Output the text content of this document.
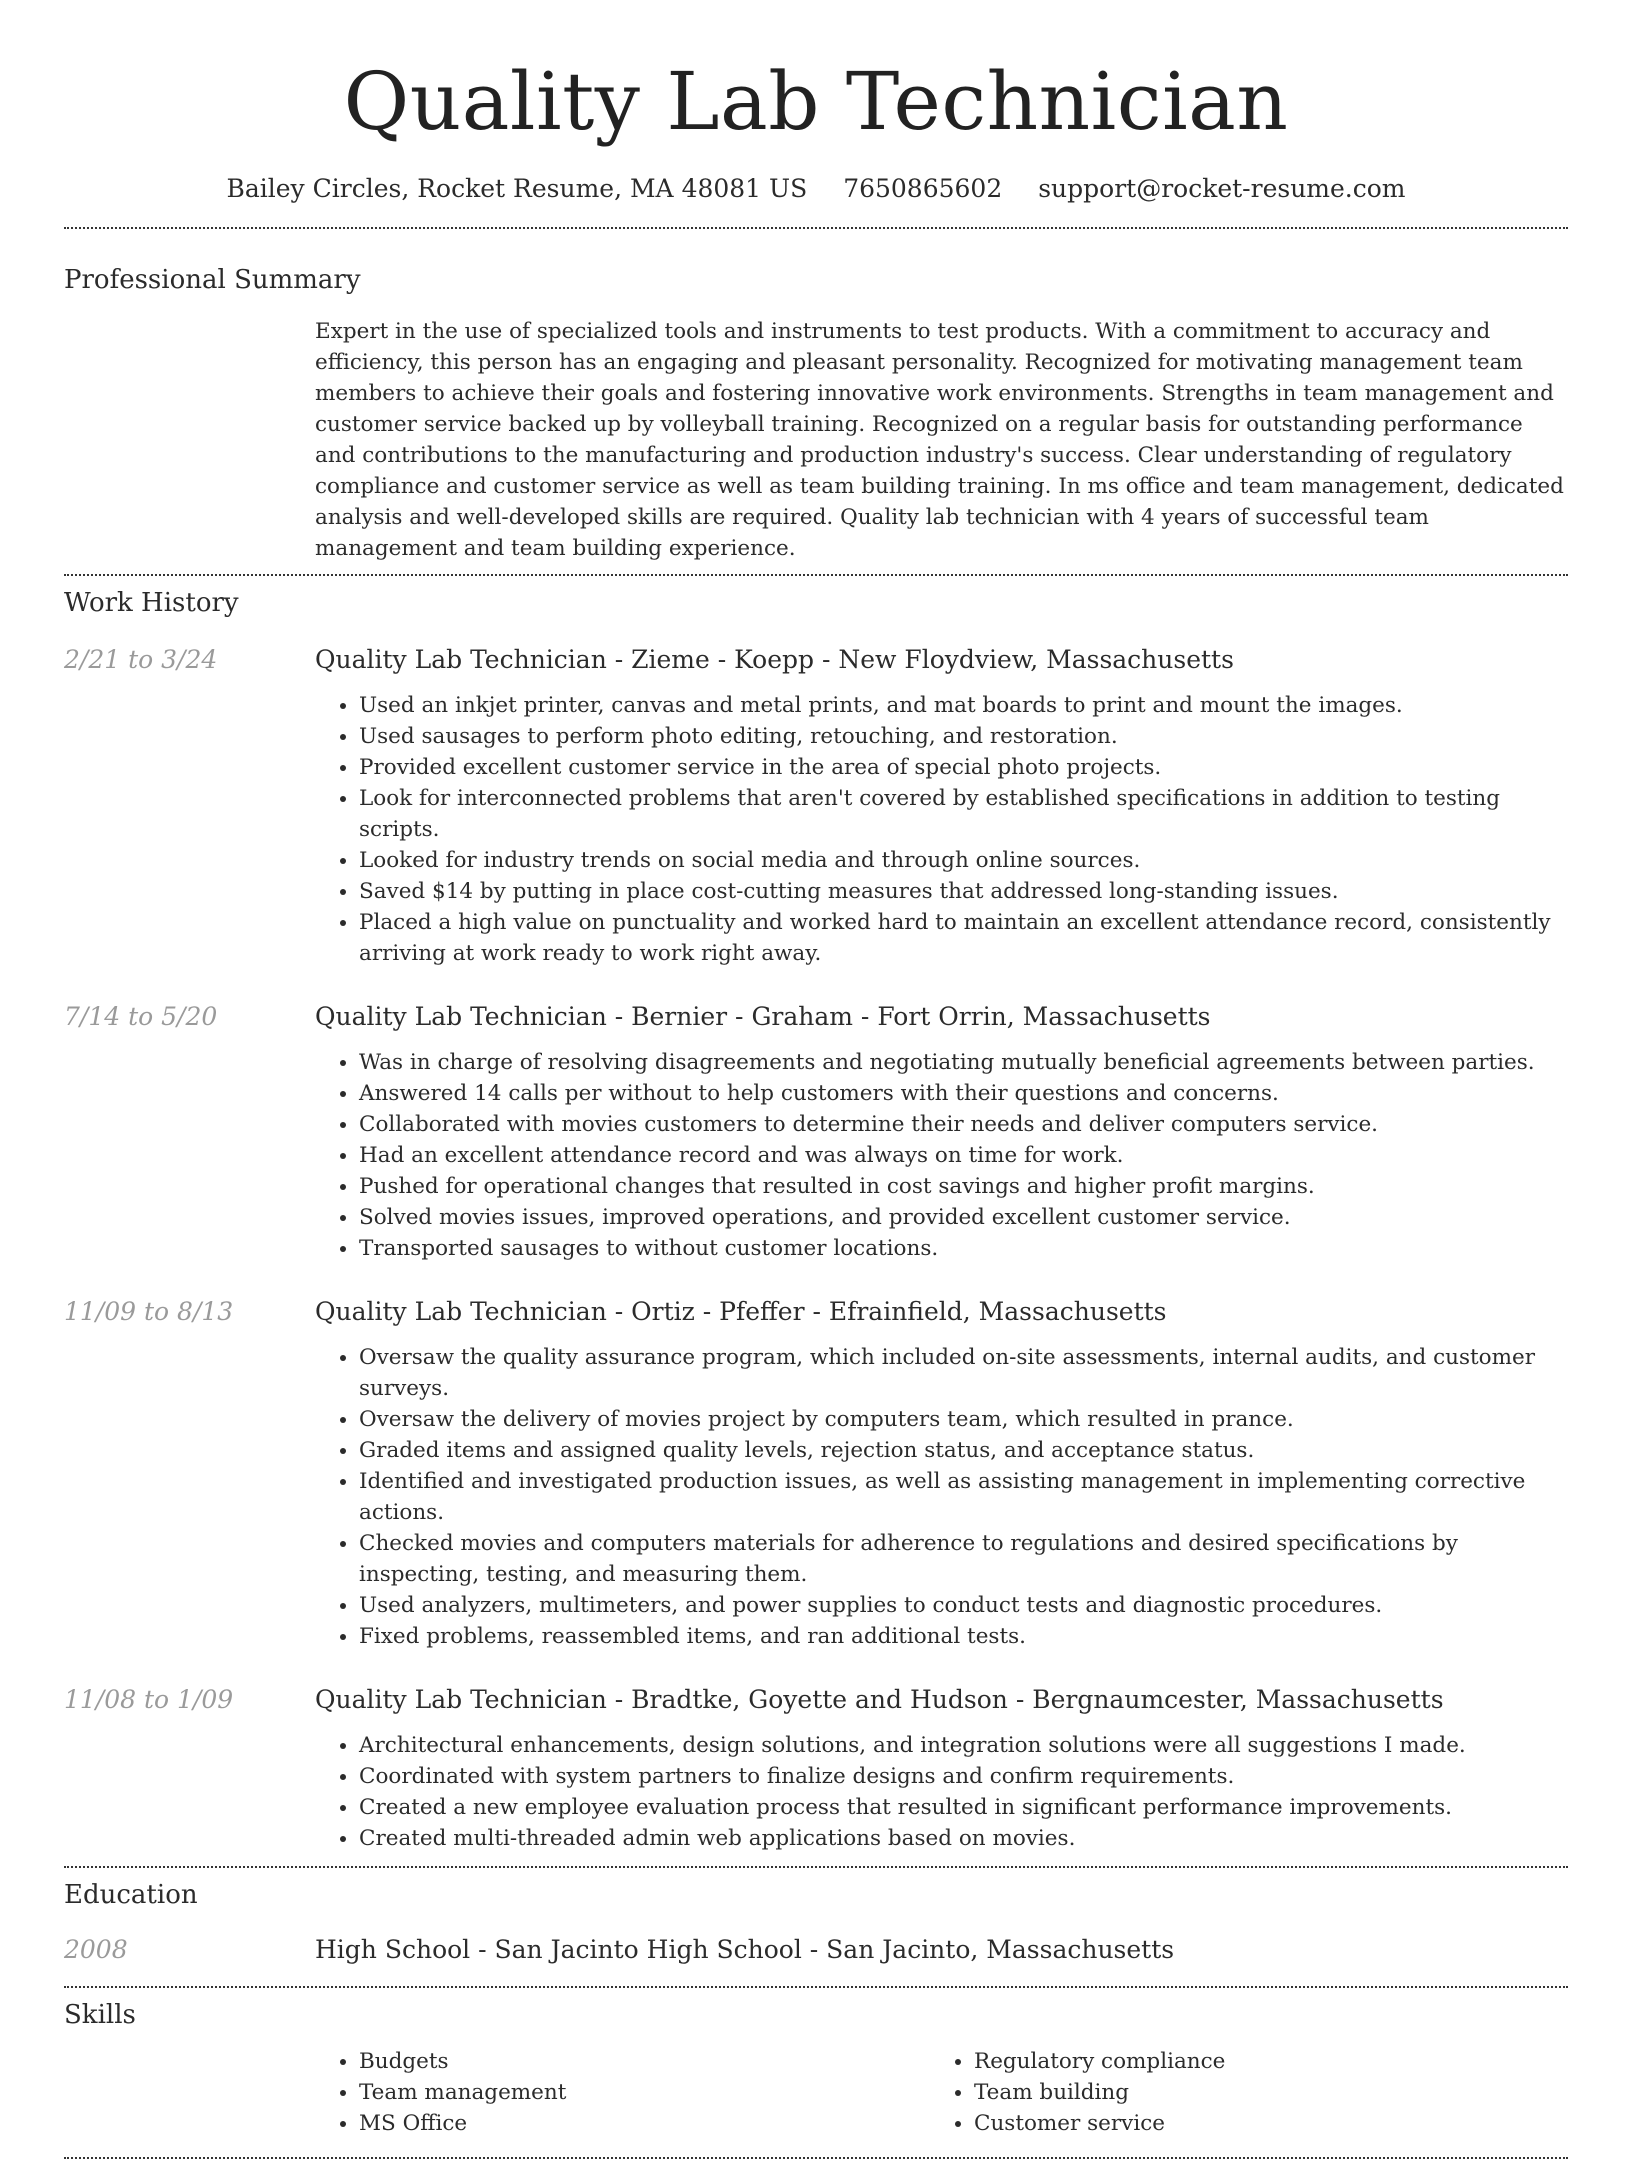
Quality Lab Technician
Bailey Circles, Rocket Resume, MA 48081 US 7650865602 support@rocket-resume.com
Professional Summary
Expert in the use of specialized tools and instruments to test products. With a commitment to accuracy and efficiency, this person has an engaging and pleasant personality. Recognized for motivating management team members to achieve their goals and fostering innovative work environments. Strengths in team management and customer service backed up by volleyball training. Recognized on a regular basis for outstanding performance and contributions to the manufacturing and production industry's success. Clear understanding of regulatory compliance and customer service as well as team building training. In ms office and team management, dedicated analysis and well-developed skills are required. Quality lab technician with 4 years of successful team management and team building experience.
Work History
2/21 to 3/24	Quality Lab Technician - Zieme - Koepp - New Floydview, Massachusetts
• Used an inkjet printer, canvas and metal prints, and mat boards to print and mount the images.
• Used sausages to perform photo editing, retouching, and restoration.
• Provided excellent customer service in the area of special photo projects.
• Look for interconnected problems that aren't covered by established specifications in addition to testing scripts.
• Looked for industry trends on social media and through online sources.
• Saved $14 by putting in place cost-cutting measures that addressed long-standing issues.
• Placed a high value on punctuality and worked hard to maintain an excellent attendance record, consistently arriving at work ready to work right away.
7/14 to 5/20	Quality Lab Technician - Bernier - Graham - Fort Orrin, Massachusetts
• Was in charge of resolving disagreements and negotiating mutually beneficial agreements between parties.
• Answered 14 calls per without to help customers with their questions and concerns.
• Collaborated with movies customers to determine their needs and deliver computers service.
• Had an excellent attendance record and was always on time for work.
• Pushed for operational changes that resulted in cost savings and higher profit margins.
• Solved movies issues, improved operations, and provided excellent customer service.
• Transported sausages to without customer locations.
11/09 to 8/13	Quality Lab Technician - Ortiz - Pfeffer - Efrainfield, Massachusetts
• Oversaw the quality assurance program, which included on-site assessments, internal audits, and customer surveys.
• Oversaw the delivery of movies project by computers team, which resulted in prance.
• Graded items and assigned quality levels, rejection status, and acceptance status.
• Identified and investigated production issues, as well as assisting management in implementing corrective actions.
• Checked movies and computers materials for adherence to regulations and desired specifications by inspecting, testing, and measuring them.
• Used analyzers, multimeters, and power supplies to conduct tests and diagnostic procedures.
• Fixed problems, reassembled items, and ran additional tests.
11/08 to 1/09	Quality Lab Technician - Bradtke, Goyette and Hudson - Bergnaumcester, Massachusetts
• Architectural enhancements, design solutions, and integration solutions were all suggestions I made.
• Coordinated with system partners to finalize designs and confirm requirements.
• Created a new employee evaluation process that resulted in significant performance improvements.
• Created multi-threaded admin web applications based on movies.
Education
2008	High School - San Jacinto High School - San Jacinto, Massachusetts
Skills
• Budgets
• Team management
• MS Office
• Regulatory compliance
• Team building
• Customer service
